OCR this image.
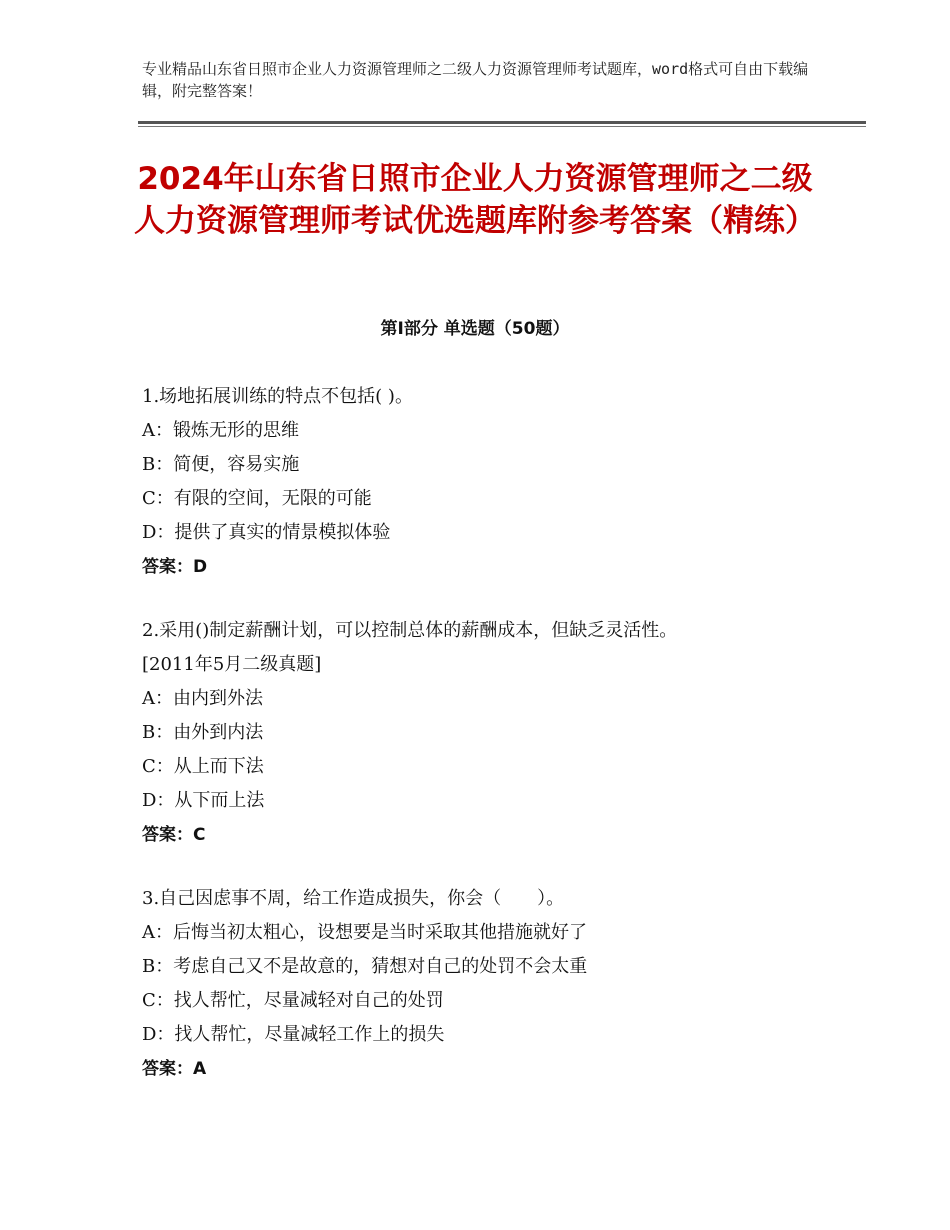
专业精品山东省日照市企业人力资源管理师之二级人力资源管理师考试题库，word格式可自由下载编辑，附完整答案！
2024年山东省日照市企业人力资源管理师之二级人力资源管理师考试优选题库附参考答案（精练）
第Ⅰ部分 单选题（50题）
1.场地拓展训练的特点不包括( )。
A：锻炼无形的思维
B：简便，容易实施
C：有限的空间，无限的可能
D：提供了真实的情景模拟体验
答案：D
2.采用()制定薪酬计划，可以控制总体的薪酬成本，但缺乏灵活性。
[2011年5月二级真题]
A：由内到外法
B：由外到内法
C：从上而下法
D：从下而上法
答案：C
3.自己因虑事不周，给工作造成损失，你会（　　）。
A：后悔当初太粗心，设想要是当时采取其他措施就好了
B：考虑自己又不是故意的，猜想对自己的处罚不会太重
C：找人帮忙，尽量减轻对自己的处罚
D：找人帮忙，尽量减轻工作上的损失
答案：A
